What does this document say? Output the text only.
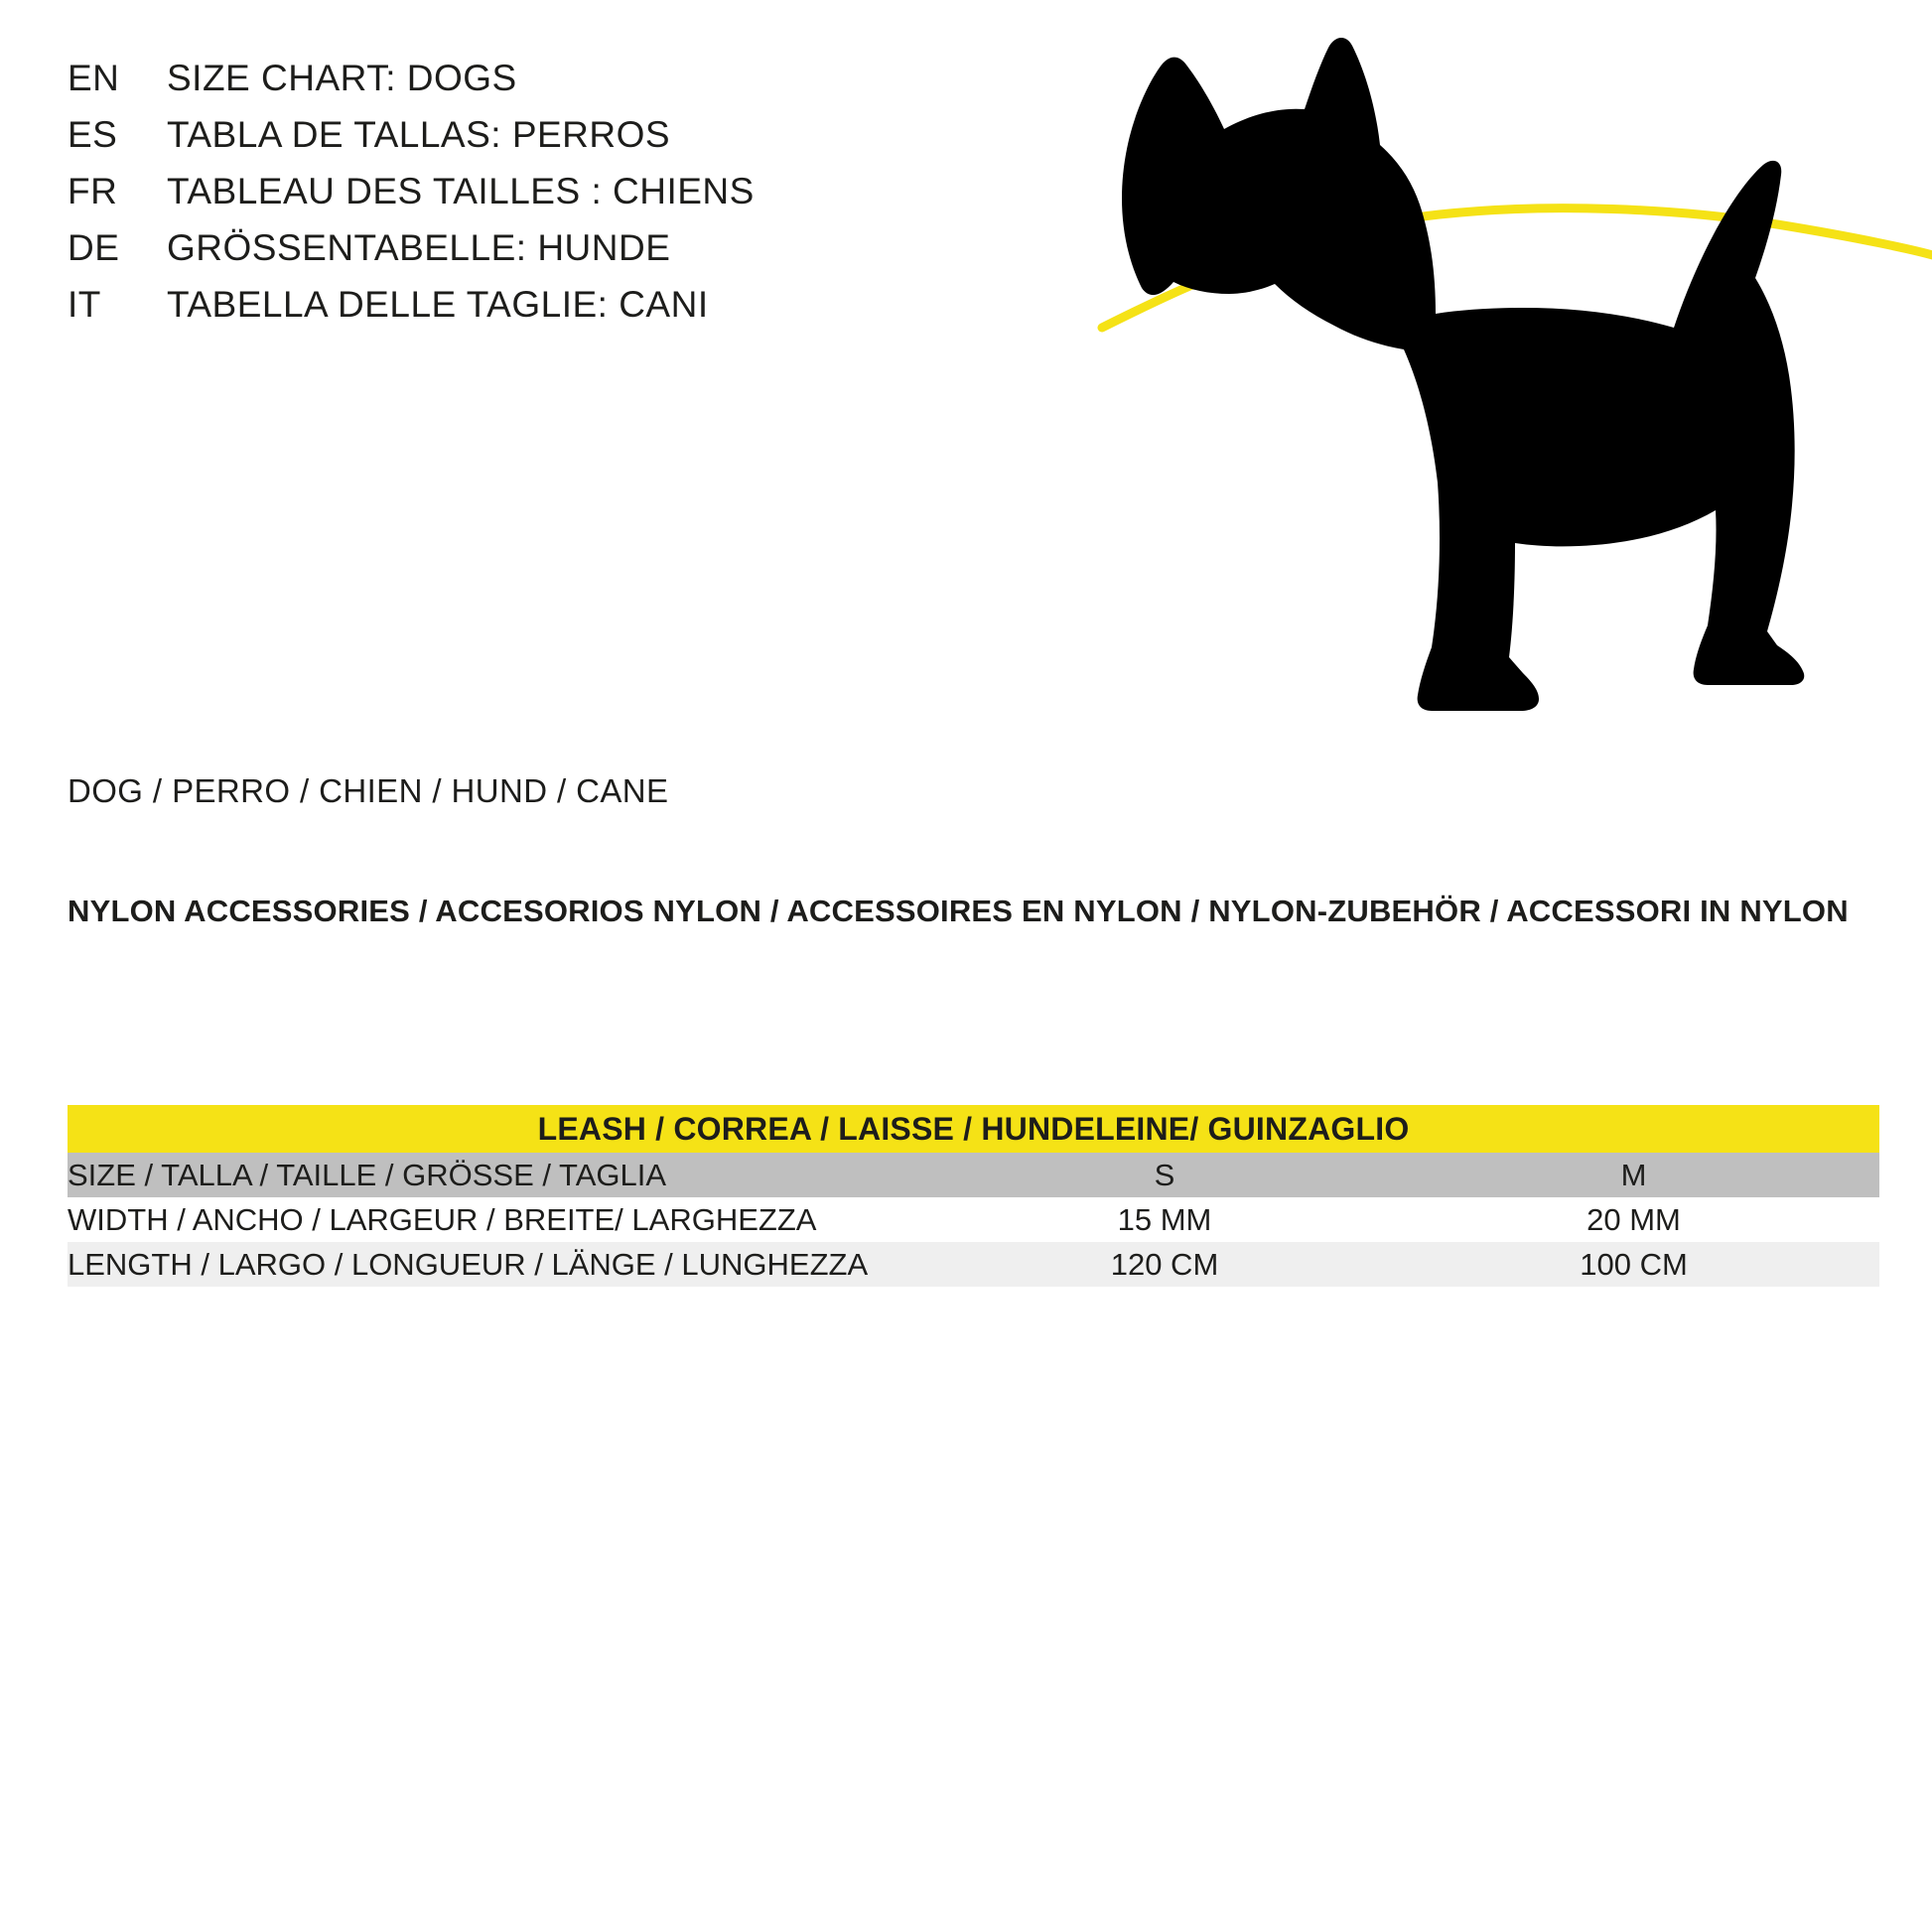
EN	SIZE CHART: DOGS
ES	TABLA DE TALLAS: PERROS
FR	TABLEAU DES TAILLES : CHIENS
DE	GRÖSSENTABELLE: HUNDE
IT	TABELLA DELLE TAGLIE: CANI
DOG / PERRO / CHIEN / HUND / CANE
NYLON ACCESSORIES / ACCESORIOS NYLON / ACCESSOIRES EN NYLON / NYLON-ZUBEHÖR / ACCESSORI IN NYLON
LEASH / CORREA / LAISSE / HUNDELEINE/ GUINZAGLIO		
SIZE / TALLA / TAILLE / GRÖSSE / TAGLIA	S	M
WIDTH / ANCHO / LARGEUR / BREITE/ LARGHEZZA	15 MM	20 MM
LENGTH / LARGO / LONGUEUR / LÄNGE / LUNGHEZZA	120 CM	100 CM
